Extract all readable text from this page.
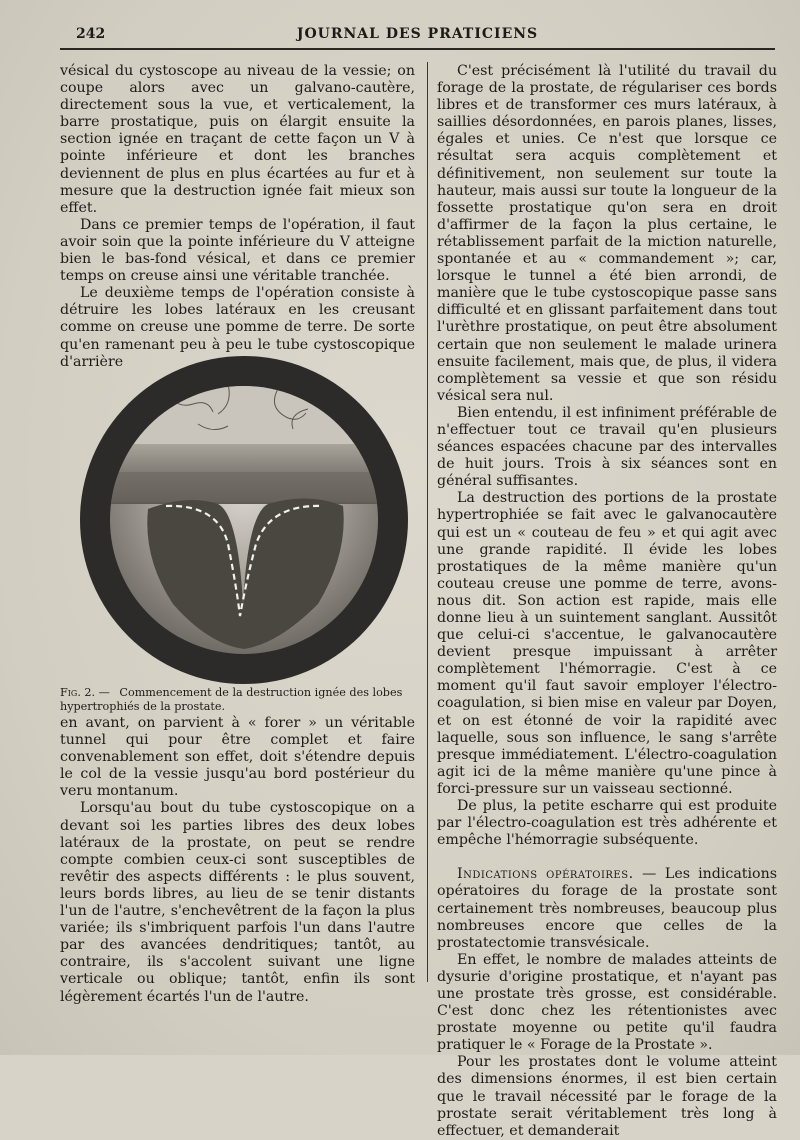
242	JOURNAL DES PRATICIENS

vésical du cystoscope au niveau de la vessie; on coupe alors avec un galvano-cautère, directement sous la vue, et verticalement, la barre prostatique, puis on élargit ensuite la section ignée en traçant de cette façon un V à pointe inférieure et dont les branches deviennent de plus en plus écartées au fur et à mesure que la destruction ignée fait mieux son effet.

Dans ce premier temps de l'opération, il faut avoir soin que la pointe inférieure du V atteigne bien le bas-fond vésical, et dans ce premier temps on creuse ainsi une véritable tranchée.

Le deuxième temps de l'opération consiste à détruire les lobes latéraux en les creusant comme on creuse une pomme de terre. De sorte qu'en ramenant peu à peu le tube cystoscopique d'arrière

Fig. 2. — Commencement de la destruction ignée des lobes hypertrophiés de la prostate.

en avant, on parvient à « forer » un véritable tunnel qui pour être complet et faire convenablement son effet, doit s'étendre depuis le col de la vessie jusqu'au bord postérieur du veru montanum.

Lorsqu'au bout du tube cystoscopique on a devant soi les parties libres des deux lobes latéraux de la prostate, on peut se rendre compte combien ceux-ci sont susceptibles de revêtir des aspects différents : le plus souvent, leurs bords libres, au lieu de se tenir distants l'un de l'autre, s'enchevêtrent de la façon la plus variée; ils s'imbriquent parfois l'un dans l'autre par des avancées dendritiques; tantôt, au contraire, ils s'accolent suivant une ligne verticale ou oblique; tantôt, enfin ils sont légèrement écartés l'un de l'autre.

C'est précisément là l'utilité du travail du forage de la prostate, de régulariser ces bords libres et de transformer ces murs latéraux, à saillies désordonnées, en parois planes, lisses, égales et unies. Ce n'est que lorsque ce résultat sera acquis complètement et définitivement, non seulement sur toute la hauteur, mais aussi sur toute la longueur de la fossette prostatique qu'on sera en droit d'affirmer de la façon la plus certaine, le rétablissement parfait de la miction naturelle, spontanée et au « commandement »; car, lorsque le tunnel a été bien arrondi, de manière que le tube cystoscopique passe sans difficulté et en glissant parfaitement dans tout l'urèthre prostatique, on peut être absolument certain que non seulement le malade urinera ensuite facilement, mais que, de plus, il videra complètement sa vessie et que son résidu vésical sera nul.

Bien entendu, il est infiniment préférable de n'effectuer tout ce travail qu'en plusieurs séances espacées chacune par des intervalles de huit jours. Trois à six séances sont en général suffisantes.

La destruction des portions de la prostate hypertrophiée se fait avec le galvanocautère qui est un « couteau de feu » et qui agit avec une grande rapidité. Il évide les lobes prostatiques de la même manière qu'un couteau creuse une pomme de terre, avons-nous dit. Son action est rapide, mais elle donne lieu à un suintement sanglant. Aussitôt que celui-ci s'accentue, le galvanocautère devient presque impuissant à arrêter complètement l'hémorragie. C'est à ce moment qu'il faut savoir employer l'électro-coagulation, si bien mise en valeur par Doyen, et on est étonné de voir la rapidité avec laquelle, sous son influence, le sang s'arrête presque immédiatement. L'électro-coagulation agit ici de la même manière qu'une pince à forci-pressure sur un vaisseau sectionné.

De plus, la petite escharre qui est produite par l'électro-coagulation est très adhérente et empêche l'hémorragie subséquente.

Indications opératoires. — Les indications opératoires du forage de la prostate sont certainement très nombreuses, beaucoup plus nombreuses encore que celles de la prostatectomie transvésicale.

En effet, le nombre de malades atteints de dysurie d'origine prostatique, et n'ayant pas une prostate très grosse, est considérable. C'est donc chez les rétentionistes avec prostate moyenne ou petite qu'il faudra pratiquer le « Forage de la Prostate ».

Pour les prostates dont le volume atteint des dimensions énormes, il est bien certain que le travail nécessité par le forage de la prostate serait véritablement très long à effectuer, et demanderait
